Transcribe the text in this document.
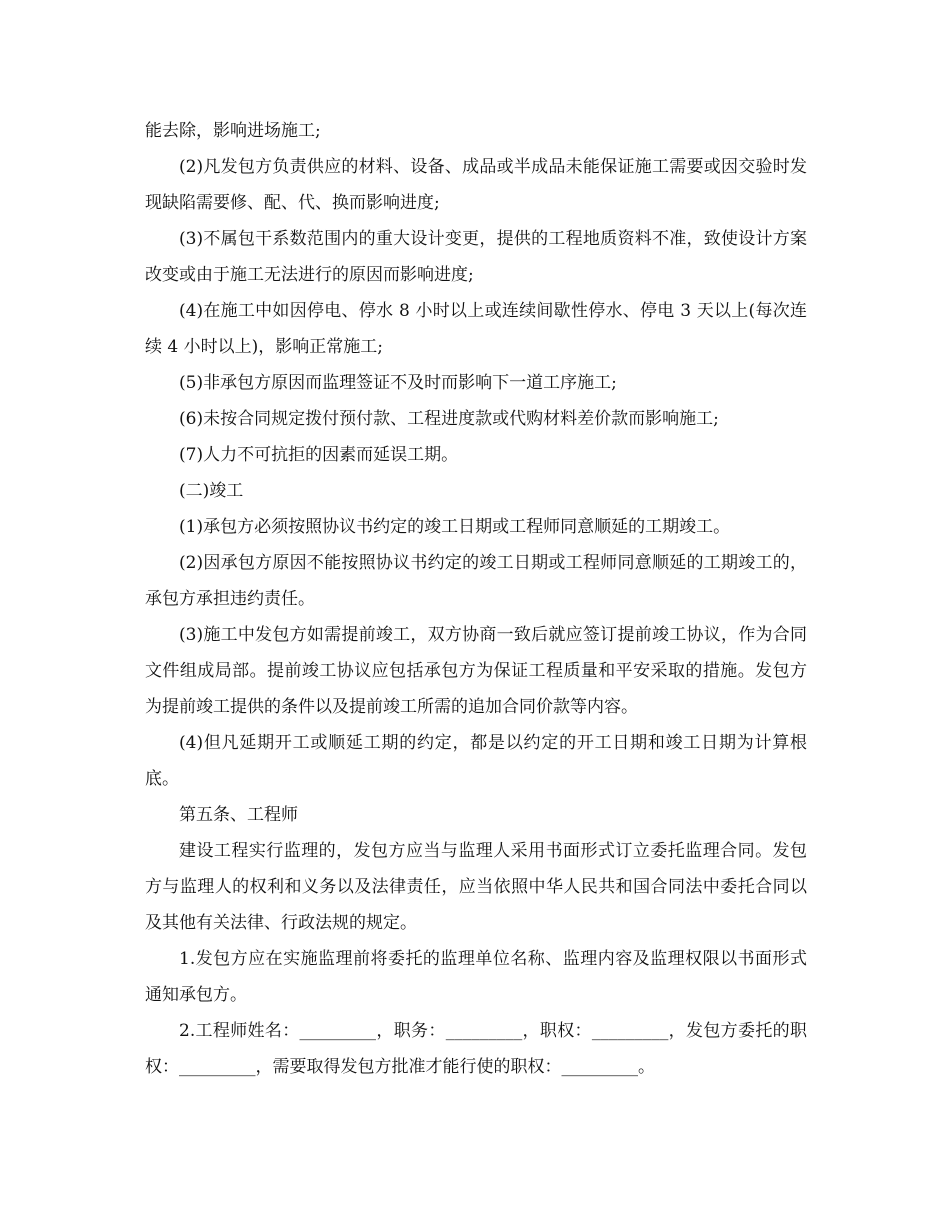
能去除，影响进场施工;

(2)凡发包方负责供应的材料、设备、成品或半成品未能保证施工需要或因交验时发现缺陷需要修、配、代、换而影响进度;

(3)不属包干系数范围内的重大设计变更，提供的工程地质资料不准，致使设计方案改变或由于施工无法进行的原因而影响进度;

(4)在施工中如因停电、停水 8 小时以上或连续间歇性停水、停电 3 天以上(每次连续 4 小时以上)，影响正常施工;

(5)非承包方原因而监理签证不及时而影响下一道工序施工;

(6)未按合同规定拨付预付款、工程进度款或代购材料差价款而影响施工;

(7)人力不可抗拒的因素而延误工期。

(二)竣工

(1)承包方必须按照协议书约定的竣工日期或工程师同意顺延的工期竣工。

(2)因承包方原因不能按照协议书约定的竣工日期或工程师同意顺延的工期竣工的，承包方承担违约责任。

(3)施工中发包方如需提前竣工，双方协商一致后就应签订提前竣工协议，作为合同文件组成局部。提前竣工协议应包括承包方为保证工程质量和平安采取的措施。发包方为提前竣工提供的条件以及提前竣工所需的追加合同价款等内容。

(4)但凡延期开工或顺延工期的约定，都是以约定的开工日期和竣工日期为计算根底。

第五条、工程师

建设工程实行监理的，发包方应当与监理人采用书面形式订立委托监理合同。发包方与监理人的权利和义务以及法律责任，应当依照中华人民共和国合同法中委托合同以及其他有关法律、行政法规的规定。

1.发包方应在实施监理前将委托的监理单位名称、监理内容及监理权限以书面形式通知承包方。

2.工程师姓名：_________，职务：_________，职权：_________，发包方委托的职权：_________，需要取得发包方批准才能行使的职权：_________。
